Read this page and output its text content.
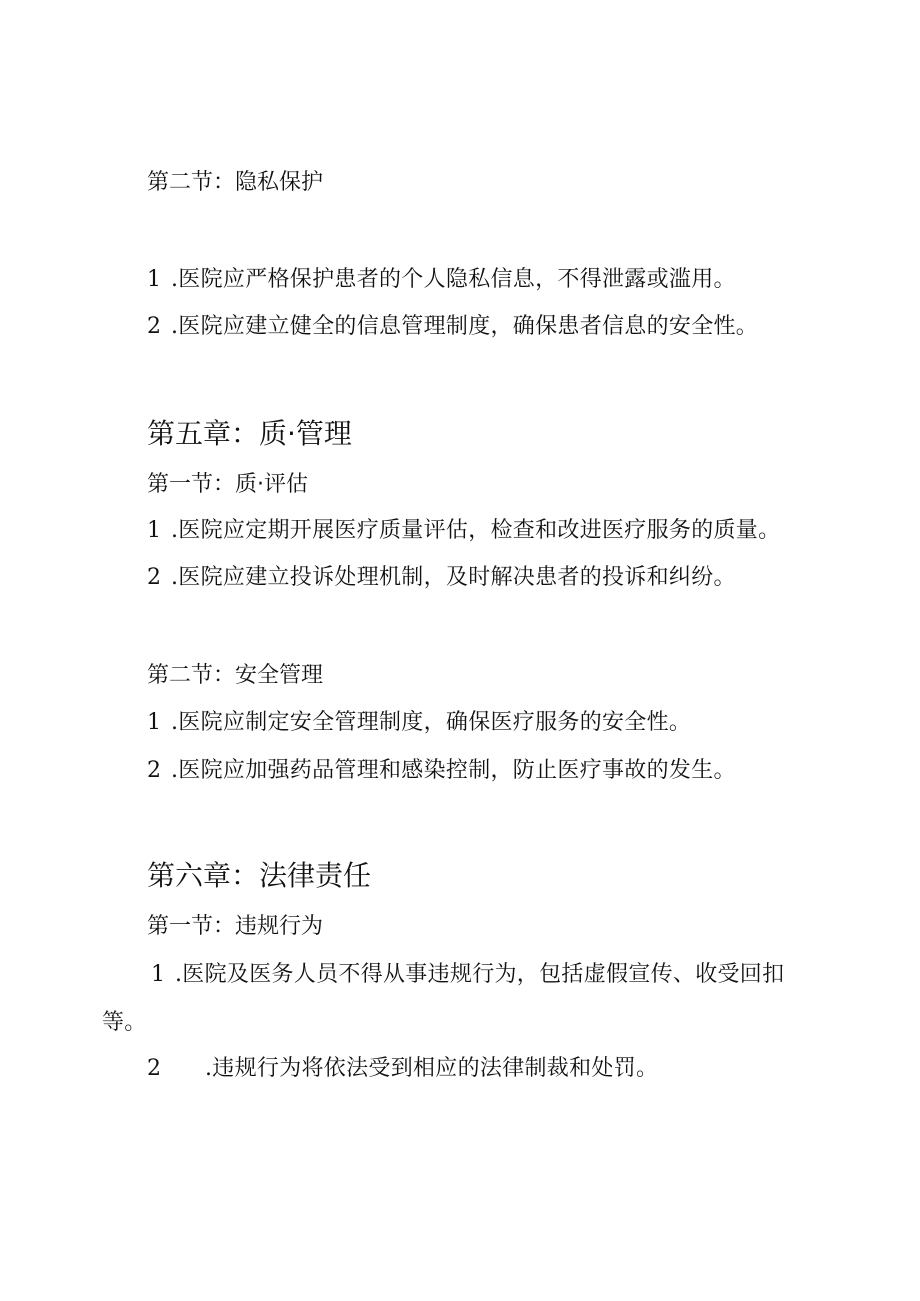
第二节：隐私保护
1 .医院应严格保护患者的个人隐私信息，不得泄露或滥用。
2 .医院应建立健全的信息管理制度，确保患者信息的安全性。
第五章：质·管理
第一节：质·评估
1 .医院应定期开展医疗质量评估，检查和改进医疗服务的质量。
2 .医院应建立投诉处理机制，及时解决患者的投诉和纠纷。
第二节：安全管理
1 .医院应制定安全管理制度，确保医疗服务的安全性。
2 .医院应加强药品管理和感染控制，防止医疗事故的发生。
第六章：法律责任
第一节：违规行为
1 .医院及医务人员不得从事违规行为，包括虚假宣传、收受回扣
等。
2 .违规行为将依法受到相应的法律制裁和处罚。
